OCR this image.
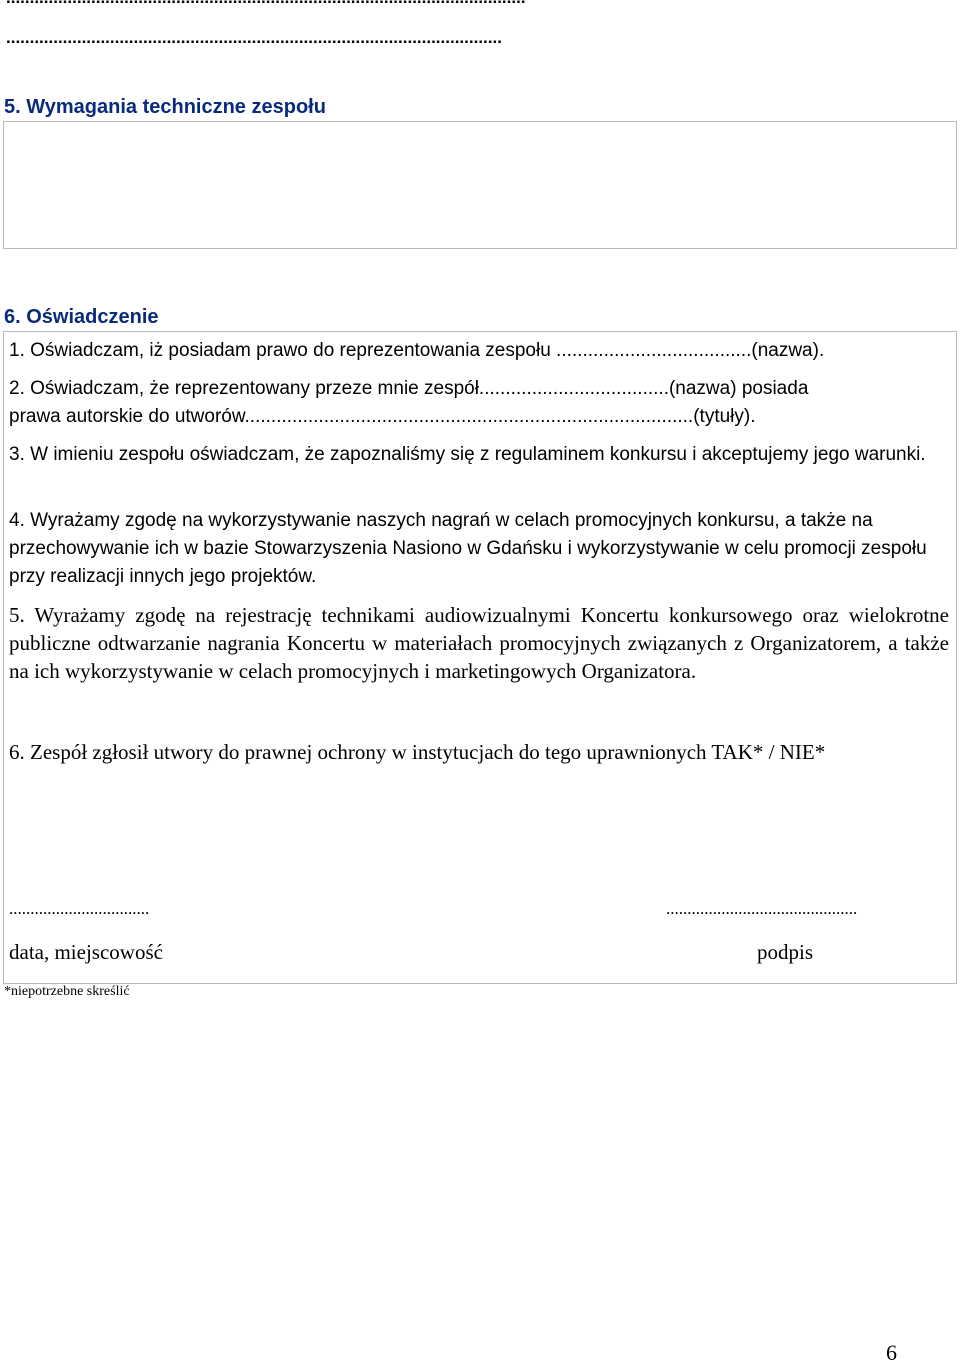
.........................................................................................................
5. Wymagania techniczne zespołu
6. Oświadczenie
1. Oświadczam, iż posiadam prawo do reprezentowania zespołu .....................................(nazwa).
2. Oświadczam, że reprezentowany przeze mnie zespół....................................(nazwa) posiada
prawa autorskie do utworów.....................................................................................(tytuły).
3. W imieniu zespołu oświadczam, że zapoznaliśmy się z regulaminem konkursu i akceptujemy jego warunki.
4. Wyrażamy zgodę na wykorzystywanie naszych nagrań w celach promocyjnych konkursu, a także na przechowywanie ich w bazie Stowarzyszenia Nasiono w Gdańsku i wykorzystywanie w celu promocji zespołu przy realizacji innych jego projektów.
5. Wyrażamy zgodę na rejestrację technikami audiowizualnymi Koncertu konkursowego oraz wielokrotne publiczne odtwarzanie nagrania Koncertu w materiałach promocyjnych związanych z Organizatorem, a także na ich wykorzystywanie w celach promocyjnych i marketingowych Organizatora.
6. Zespół zgłosił utwory do prawnej ochrony w instytucjach do tego uprawnionych TAK* / NIE*
.................................	.............................................
data, miejscowość	podpis
*niepotrzebne skreślić
6
